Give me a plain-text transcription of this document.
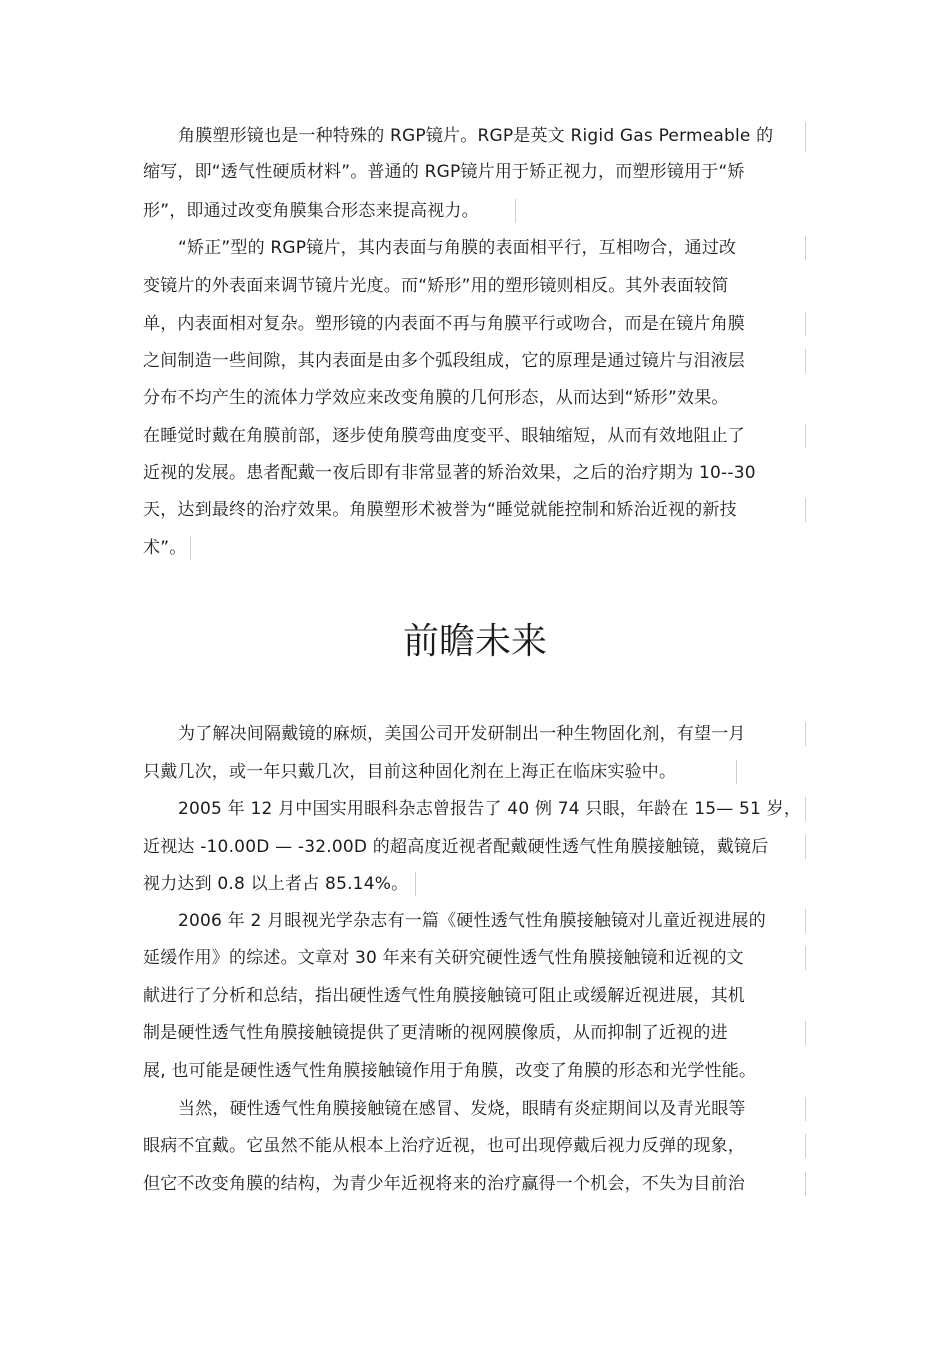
角膜塑形镜也是一种特殊的 RGP镜片。RGP是英文 Rigid Gas Permeable 的
缩写，即“透气性硬质材料”。普通的 RGP镜片用于矫正视力，而塑形镜用于“矫
形”，即通过改变角膜集合形态来提高视力。
“矫正”型的 RGP镜片，其内表面与角膜的表面相平行，互相吻合，通过改
变镜片的外表面来调节镜片光度。而“矫形”用的塑形镜则相反。其外表面较简
单，内表面相对复杂。塑形镜的内表面不再与角膜平行或吻合，而是在镜片角膜
之间制造一些间隙，其内表面是由多个弧段组成，它的原理是通过镜片与泪液层
分布不均产生的流体力学效应来改变角膜的几何形态，从而达到“矫形”效果。
在睡觉时戴在角膜前部，逐步使角膜弯曲度变平、眼轴缩短，从而有效地阻止了
近视的发展。患者配戴一夜后即有非常显著的矫治效果，之后的治疗期为 10--30
天，达到最终的治疗效果。角膜塑形术被誉为“睡觉就能控制和矫治近视的新技
术”。
前瞻未来
为了解决间隔戴镜的麻烦，美国公司开发研制出一种生物固化剂，有望一月
只戴几次，或一年只戴几次，目前这种固化剂在上海正在临床实验中。
2005 年 12 月中国实用眼科杂志曾报告了 40 例 74 只眼，年龄在 15— 51 岁，
近视达 -10.00D — -32.00D 的超高度近视者配戴硬性透气性角膜接触镜，戴镜后
视力达到 0.8 以上者占 85.14%。
2006 年 2 月眼视光学杂志有一篇《硬性透气性角膜接触镜对儿童近视进展的
延缓作用》的综述。文章对 30 年来有关研究硬性透气性角膜接触镜和近视的文
献进行了分析和总结，指出硬性透气性角膜接触镜可阻止或缓解近视进展，其机
制是硬性透气性角膜接触镜提供了更清晰的视网膜像质，从而抑制了近视的进
展, 也可能是硬性透气性角膜接触镜作用于角膜，改变了角膜的形态和光学性能。
当然，硬性透气性角膜接触镜在感冒、发烧，眼睛有炎症期间以及青光眼等
眼病不宜戴。它虽然不能从根本上治疗近视，也可出现停戴后视力反弹的现象，
但它不改变角膜的结构，为青少年近视将来的治疗赢得一个机会，不失为目前治
